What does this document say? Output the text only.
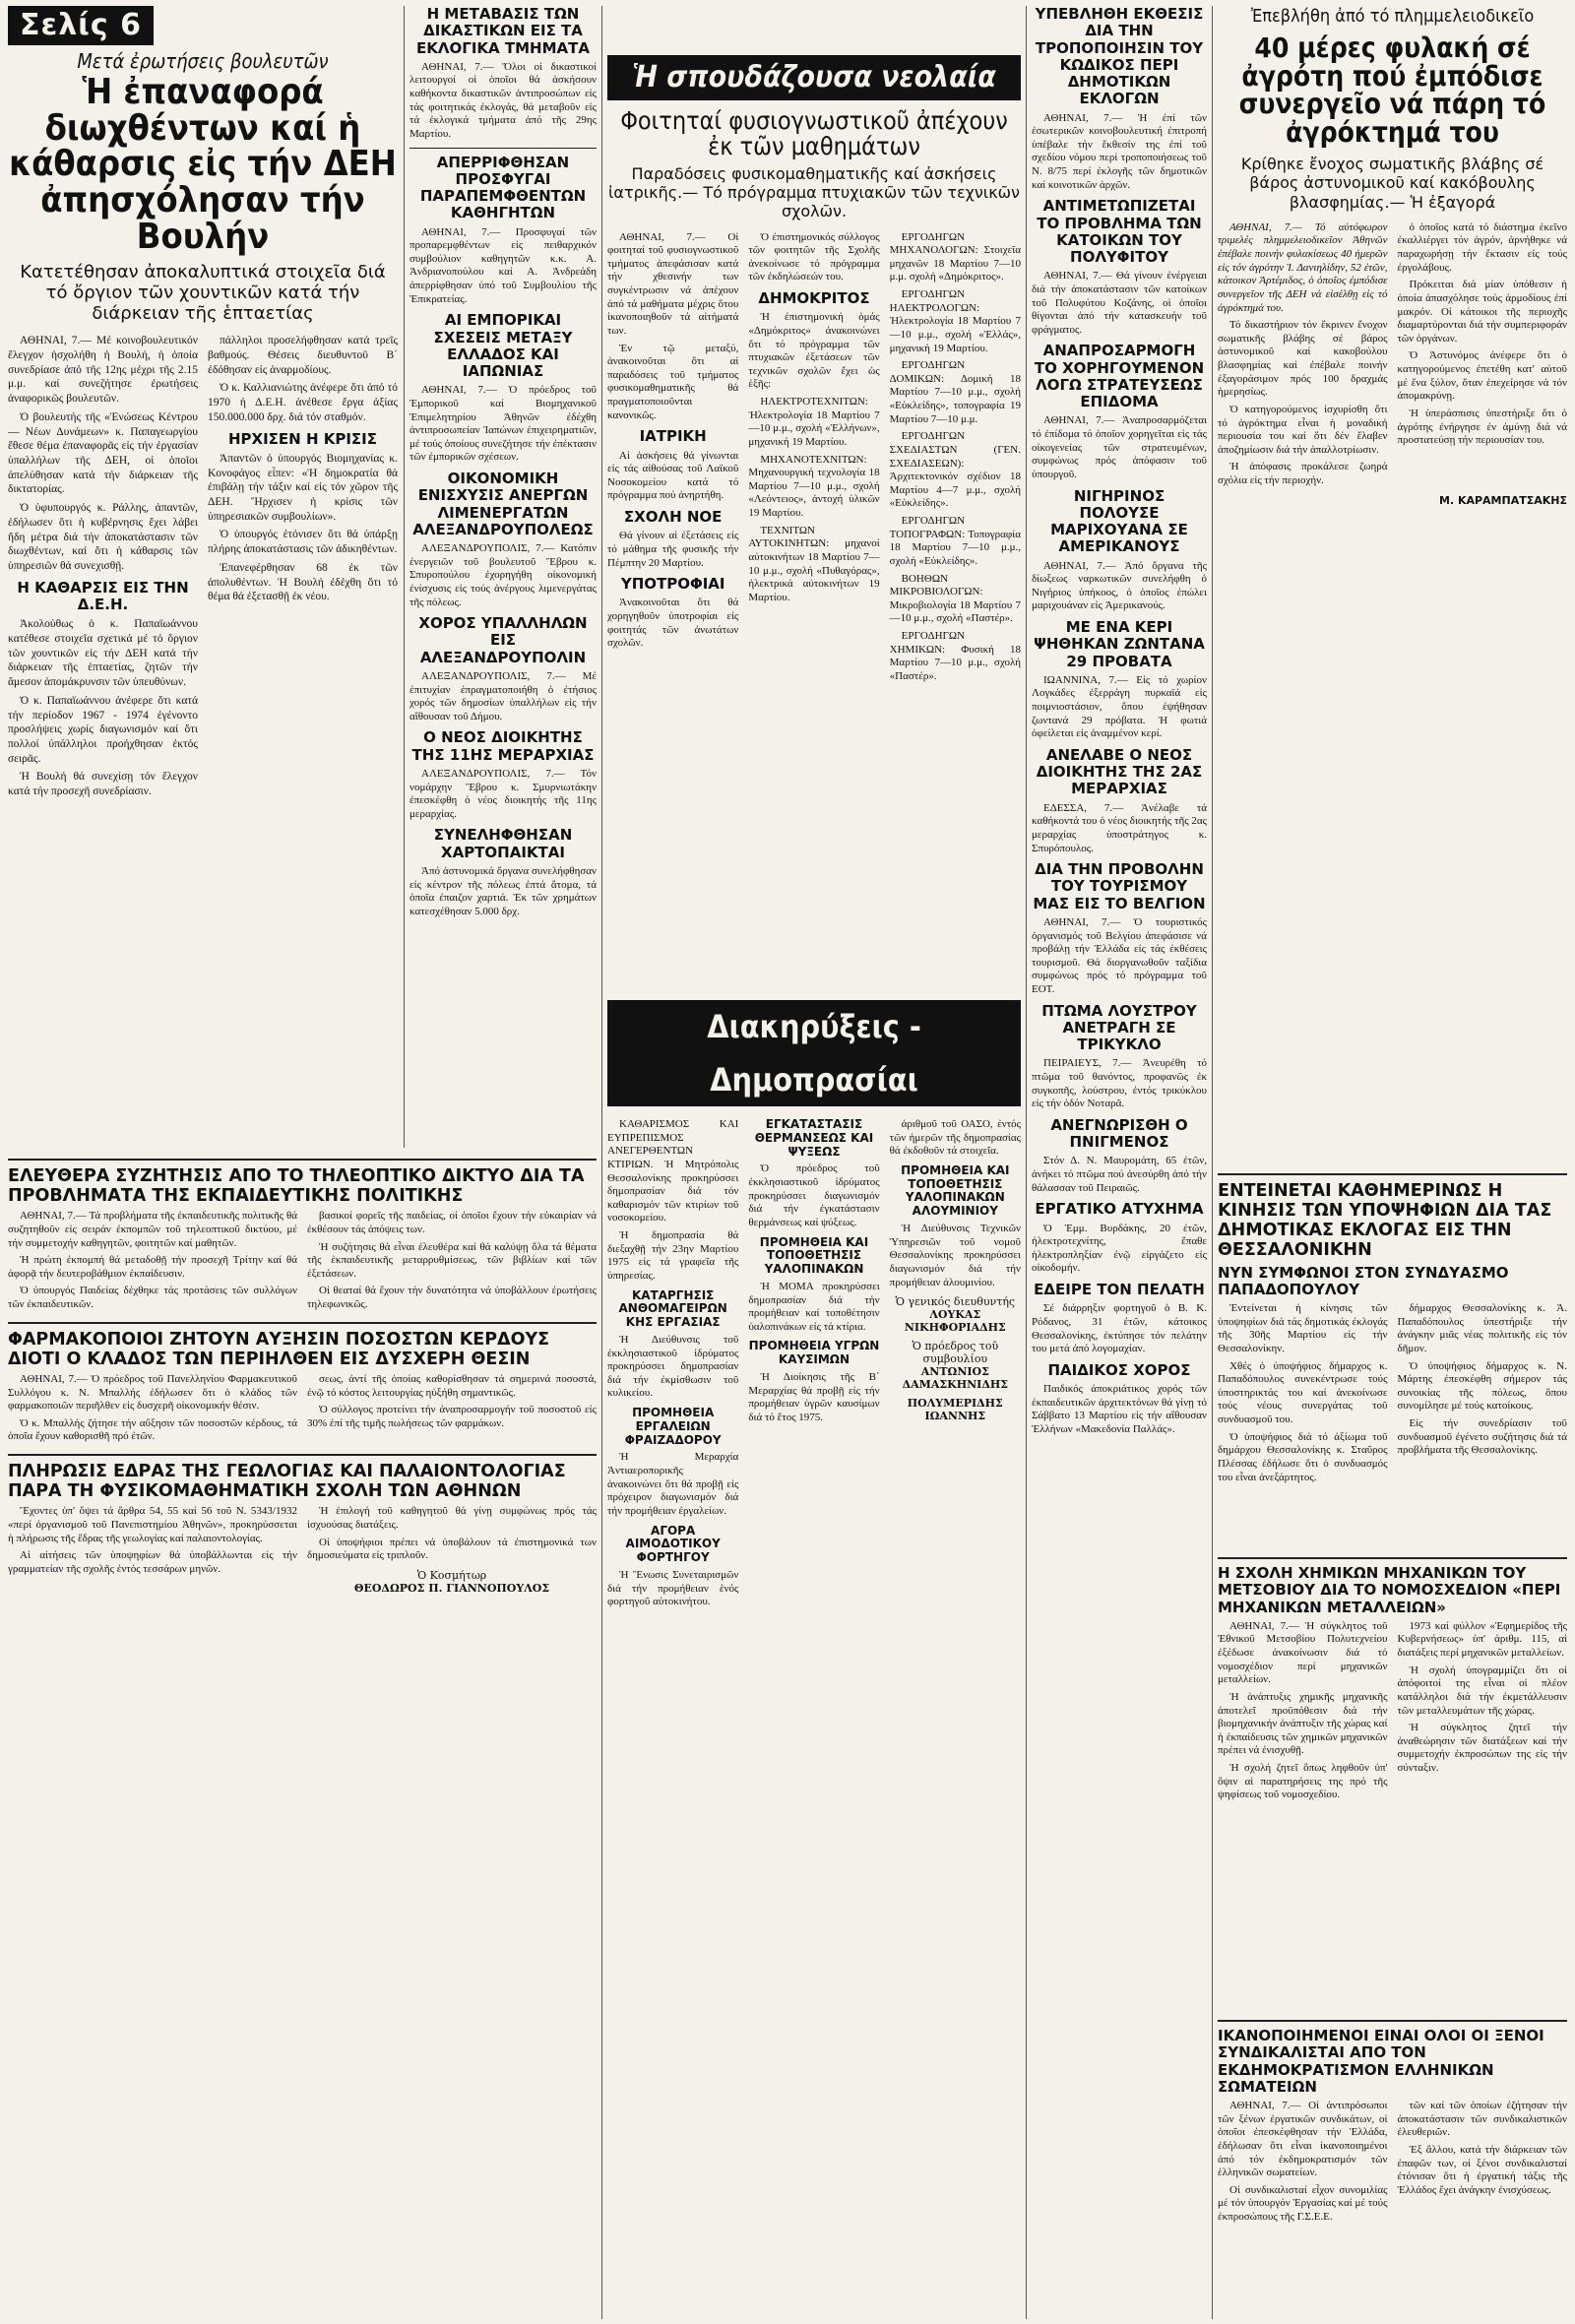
Σελίς 6
Μετά ἐρωτήσεις βουλευτῶν
Ἡ ἐπαναφορά διωχθέντων καί ἡ κάθαρσις εἰς τήν ΔΕΗ ἀπησχόλησαν τήν Βουλήν
Κατετέθησαν ἀποκαλυπτικά στοιχεῖα διά τό ὄργιον τῶν χουντικῶν κατά τήν διάρκειαν τῆς ἑπταετίας

ΑΘΗΝΑΙ, 7.— Μέ κοινοβουλευτικόν ἔλεγχον ἠσχολήθη ἡ Βουλή, ἡ ὁποία συνεδρίασε ἀπό τῆς 12ης μέχρι τῆς 2.15 μ.μ. καί συνεζήτησε ἐρωτήσεις ἀναφορικῶς βουλευτῶν.

Ὁ βουλευτής τῆς «Ἑνώσεως Κέντρου — Νέων Δυνάμεων» κ. Παπαγεωργίου ἔθεσε θέμα ἐπαναφορᾶς εἰς τήν ἐργασίαν ὑπαλλήλων τῆς ΔΕΗ, οἱ ὁποῖοι ἀπελύθησαν κατά τήν διάρκειαν τῆς δικτατορίας.

Ὁ ὑφυπουργός κ. Ράλλης, ἀπαντῶν, ἐδήλωσεν ὅτι ἡ κυβέρνησις ἔχει λάβει ἤδη μέτρα διά τήν ἀποκατάστασιν τῶν διωχθέντων, καί ὅτι ἡ κάθαρσις τῶν ὑπηρεσιῶν θά συνεχισθῇ.

Η ΚΑΘΑΡΣΙΣ ΕΙΣ ΤΗΝ Δ.Ε.Η.

Ἀκολούθως ὁ κ. Παπαϊωάννου κατέθεσε στοιχεῖα σχετικά μέ τό ὄργιον τῶν χουντικῶν εἰς τήν ΔΕΗ κατά τήν διάρκειαν τῆς ἑπταετίας, ζητῶν τήν ἄμεσον ἀπομάκρυνσιν τῶν ὑπευθύνων.

Ὁ κ. Παπαϊωάννου ἀνέφερε ὅτι κατά τήν περίοδον 1967 - 1974 ἐγένοντο προσλήψεις χωρίς διαγωνισμόν καί ὅτι πολλοί ὑπάλληλοι προήχθησαν ἐκτός σειρᾶς.

Ἡ Βουλή θά συνεχίσῃ τόν ἔλεγχον κατά τήν προσεχῆ συνεδρίασιν.

πάλληλοι προσελήφθησαν κατά τρεῖς βαθμούς. Θέσεις διευθυντοῦ Β΄ ἐδόθησαν εἰς ἀναρμοδίους.

Ὁ κ. Καλλιανιώτης ἀνέφερε ὅτι ἀπό τό 1970 ἡ Δ.Ε.Η. ἀνέθεσε ἔργα ἀξίας 150.000.000 δρχ. διά τόν σταθμόν.

ΗΡΧΙΣΕΝ Η ΚΡΙΣΙΣ

Ἀπαντῶν ὁ ὑπουργός Βιομηχανίας κ. Κονοφάγος εἶπεν: «Ἡ δημοκρατία θά ἐπιβάλῃ τήν τάξιν καί εἰς τόν χῶρον τῆς ΔΕΗ. Ἤρχισεν ἡ κρίσις τῶν ὑπηρεσιακῶν συμβουλίων».

Ὁ ὑπουργός ἐτόνισεν ὅτι θά ὑπάρξῃ πλήρης ἀποκατάστασις τῶν ἀδικηθέντων.

Ἐπανεφέρθησαν 68 ἐκ τῶν ἀπολυθέντων. Ἡ Βουλή ἐδέχθη ὅτι τό θέμα θά ἐξετασθῇ ἐκ νέου.

Η ΜΕΤΑΒΑΣΙΣ ΤΩΝ ΔΙΚΑΣΤΙΚΩΝ ΕΙΣ ΤΑ ΕΚΛΟΓΙΚΑ ΤΜΗΜΑΤΑ

ΑΘΗΝΑΙ, 7.— Ὅλοι οἱ δικαστικοί λειτουργοί οἱ ὁποῖοι θά ἀσκήσουν καθήκοντα δικαστικῶν ἀντιπροσώπων εἰς τάς φοιτητικάς ἐκλογάς, θά μεταβοῦν εἰς τά ἐκλογικά τμήματα ἀπό τῆς 29ης Μαρτίου.

ΑΠΕΡΡΙΦΘΗΣΑΝ ΠΡΟΣΦΥΓΑΙ ΠΑΡΑΠΕΜΦΘΕΝΤΩΝ ΚΑΘΗΓΗΤΩΝ

ΑΘΗΝΑΙ, 7.— Προσφυγαί τῶν προπαρεμφθέντων εἰς πειθαρχικόν συμβούλιον καθηγητῶν κ.κ. Α. Ἀνδριανοπούλου καί Α. Ἀνδρεάδη ἀπερρίφθησαν ὑπό τοῦ Συμβουλίου τῆς Ἐπικρατείας.

ΑΙ ΕΜΠΟΡΙΚΑΙ ΣΧΕΣΕΙΣ ΜΕΤΑΞΥ ΕΛΛΑΔΟΣ ΚΑΙ ΙΑΠΩΝΙΑΣ

ΑΘΗΝΑΙ, 7.— Ὁ πρόεδρος τοῦ Ἐμπορικοῦ καί Βιομηχανικοῦ Ἐπιμελητηρίου Ἀθηνῶν ἐδέχθη ἀντιπροσωπείαν Ἰαπώνων ἐπιχειρηματιῶν, μέ τούς ὁποίους συνεζήτησε τήν ἐπέκτασιν τῶν ἐμπορικῶν σχέσεων.

ΟΙΚΟΝΟΜΙΚΗ ΕΝΙΣΧΥΣΙΣ ΑΝΕΡΓΩΝ ΛΙΜΕΝΕΡΓΑΤΩΝ ΑΛΕΞΑΝΔΡΟΥΠΟΛΕΩΣ

ΑΛΕΞΑΝΔΡΟΥΠΟΛΙΣ, 7.— Κατόπιν ἐνεργειῶν τοῦ βουλευτοῦ Ἕβρου κ. Σπυροπούλου ἐχορηγήθη οἰκονομική ἐνίσχυσις εἰς τούς ἀνέργους λιμενεργάτας τῆς πόλεως.

ΧΟΡΟΣ ΥΠΑΛΛΗΛΩΝ ΕΙΣ ΑΛΕΞΑΝΔΡΟΥΠΟΛΙΝ

ΑΛΕΞΑΝΔΡΟΥΠΟΛΙΣ, 7.— Μέ ἐπιτυχίαν ἐπραγματοποιήθη ὁ ἐτήσιος χορός τῶν δημοσίων ὑπαλλήλων εἰς τήν αἴθουσαν τοῦ Δήμου.

Ο ΝΕΟΣ ΔΙΟΙΚΗΤΗΣ ΤΗΣ 11ΗΣ ΜΕΡΑΡΧΙΑΣ

ΑΛΕΞΑΝΔΡΟΥΠΟΛΙΣ, 7.— Τόν νομάρχην Ἕβρου κ. Σμυρνιωτάκην ἐπεσκέφθη ὁ νέος διοικητής τῆς 11ης μεραρχίας.

ΣΥΝΕΛΗΦΘΗΣΑΝ ΧΑΡΤΟΠΑΙΚΤΑΙ

Ἀπό ἀστυνομικά ὄργανα συνελήφθησαν εἰς κέντρον τῆς πόλεως ἐπτά ἄτομα, τά ὁποῖα ἐπαιζον χαρτιά. Ἐκ τῶν χρημάτων κατεσχέθησαν 5.000 δρχ.

Ἡ σπουδάζουσα νεολαία
Φοιτηταί φυσιογνωστικοῦ ἀπέχουν ἐκ τῶν μαθημάτων
Παραδόσεις φυσικομαθηματικῆς καί ἀσκήσεις ἰατρικῆς.— Τό πρόγραμμα πτυχιακῶν τῶν τεχνικῶν σχολῶν.

ΑΘΗΝΑΙ, 7.— Οἱ φοιτηταί τοῦ φυσιογνωστικοῦ τμήματος ἀπεφάσισαν κατά τήν χθεσινήν των συγκέντρωσιν νά ἀπέχουν ἀπό τά μαθήματα μέχρις ὅτου ἱκανοποιηθοῦν τά αἰτήματά των.

Ἐν τῷ μεταξύ, ἀνακοινοῦται ὅτι αἱ παραδόσεις τοῦ τμήματος φυσικομαθηματικῆς θά πραγματοποιοῦνται κανονικῶς.

ΙΑΤΡΙΚΗ

Αἱ ἀσκήσεις θά γίνωνται εἰς τάς αἰθούσας τοῦ Λαϊκοῦ Νοσοκομείου κατά τό πρόγραμμα πού ἀνηρτήθη.

ΣΧΟΛΗ ΝΟΕ

Θά γίνουν αἱ ἐξετάσεις εἰς τό μάθημα τῆς φυσικῆς τήν Πέμπτην 20 Μαρτίου.

ΥΠΟΤΡΟΦΙΑΙ

Ἀνακοινοῦται ὅτι θά χορηγηθοῦν ὑποτροφίαι εἰς φοιτητάς τῶν ἀνωτάτων σχολῶν.

Ὁ ἐπιστημονικός σύλλογος τῶν φοιτητῶν τῆς Σχολῆς ἀνεκοίνωσε τό πρόγραμμα τῶν ἐκδηλώσεών του.

ΔΗΜΟΚΡΙΤΟΣ

Ἡ ἐπιστημονική ὁμάς «Δημόκριτος» ἀνακοινώνει ὅτι τό πρόγραμμα τῶν πτυχιακῶν ἐξετάσεων τῶν τεχνικῶν σχολῶν ἔχει ὡς ἑξῆς:

ΗΛΕΚΤΡΟΤΕΧΝΙΤΩΝ: Ἠλεκτρολογία 18 Μαρτίου 7—10 μ.μ., σχολή «Ἐλλήνων», μηχανική 19 Μαρτίου.

ΜΗΧΑΝΟΤΕΧΝΙΤΩΝ: Μηχανουργική τεχνολογία 18 Μαρτίου 7—10 μ.μ., σχολή «Λεόντειος», ἀντοχή ὑλικῶν 19 Μαρτίου.

ΤΕΧΝΙΤΩΝ ΑΥΤΟΚΙΝΗΤΩΝ: μηχανοί αὐτοκινήτων 18 Μαρτίου 7—10 μ.μ., σχολή «Πυθαγόρας», ἠλεκτρικά αὐτοκινήτων 19 Μαρτίου.

ΕΡΓΟΔΗΓΩΝ ΜΗΧΑΝΟΛΟΓΩΝ: Στοιχεῖα μηχανῶν 18 Μαρτίου 7—10 μ.μ. σχολή «Δημόκριτος».

ΕΡΓΟΔΗΓΩΝ ΗΛΕΚΤΡΟΛΟΓΩΝ: Ἠλεκτρολογία 18 Μαρτίου 7—10 μ.μ., σχολή «Ἑλλάς», μηχανική 19 Μαρτίου.

ΕΡΓΟΔΗΓΩΝ ΔΟΜΙΚΩΝ: Δομική 18 Μαρτίου 7—10 μ.μ., σχολή «Εὐκλείδης», τοπογραφία 19 Μαρτίου 7—10 μ.μ.

ΕΡΓΟΔΗΓΩΝ ΣΧΕΔΙΑΣΤΩΝ (ΓΕΝ. ΣΧΕΔΙΑΣΕΩΝ): Ἀρχιτεκτονικόν σχέδιον 18 Μαρτίου 4—7 μ.μ., σχολή «Εὐκλείδης».

ΕΡΓΟΔΗΓΩΝ ΤΟΠΟΓΡΑΦΩΝ: Τοπογραφία 18 Μαρτίου 7—10 μ.μ., σχολή «Εὐκλείδης».

ΒΟΗΘΩΝ ΜΙΚΡΟΒΙΟΛΟΓΩΝ: Μικροβιολογία 18 Μαρτίου 7—10 μ.μ., σχολή «Παστέρ».

ΕΡΓΟΔΗΓΩΝ ΧΗΜΙΚΩΝ: Φυσική 18 Μαρτίου 7—10 μ.μ., σχολή «Παστέρ».

ΥΠΕΒΛΗΘΗ ΕΚΘΕΣΙΣ ΔΙΑ ΤΗΝ ΤΡΟΠΟΠΟΙΗΣΙΝ ΤΟΥ ΚΩΔΙΚΟΣ ΠΕΡΙ ΔΗΜΟΤΙΚΩΝ ΕΚΛΟΓΩΝ

ΑΘΗΝΑΙ, 7.— Ἡ ἐπί τῶν ἐσωτερικῶν κοινοβουλευτική ἐπιτροπή ὑπέβαλε τήν ἔκθεσίν της ἐπί τοῦ σχεδίου νόμου περί τροποποιήσεως τοῦ Ν. 8/75 περί ἐκλογῆς τῶν δημοτικῶν καί κοινοτικῶν ἀρχῶν.

ΑΝΤΙΜΕΤΩΠΙΖΕΤΑΙ ΤΟ ΠΡΟΒΛΗΜΑ ΤΩΝ ΚΑΤΟΙΚΩΝ ΤΟΥ ΠΟΛΥΦΙΤΟΥ

ΑΘΗΝΑΙ, 7.— Θά γίνουν ἐνέργειαι διά τήν ἀποκατάστασιν τῶν κατοίκων τοῦ Πολυφύτου Κοζάνης, οἱ ὁποῖοι θίγονται ἀπό τήν κατασκευήν τοῦ φράγματος.

ΑΝΑΠΡΟΣΑΡΜΟΓΗ ΤΟ ΧΟΡΗΓΟΥΜΕΝΟΝ ΛΟΓΩ ΣΤΡΑΤΕΥΣΕΩΣ ΕΠΙΔΟΜΑ

ΑΘΗΝΑΙ, 7.— Ἀναπροσαρμόζεται τό ἐπίδομα τό ὁποῖον χορηγεῖται εἰς τάς οἰκογενείας τῶν στρατευμένων, συμφώνως πρός ἀπόφασιν τοῦ ὑπουργοῦ.

ΝΙΓΗΡΙΝΟΣ ΠΟΛΟΥΣΕ ΜΑΡΙΧΟΥΑΝΑ ΣΕ ΑΜΕΡΙΚΑΝΟΥΣ

ΑΘΗΝΑΙ, 7.— Ἀπό ὄργανα τῆς δίωξεως ναρκωτικῶν συνελήφθη ὁ Νιγήριος ὑπήκοος, ὁ ὁποῖος ἐπώλει μαριχουάναν εἰς Ἀμερικανούς.

ΜΕ ΕΝΑ ΚΕΡΙ ΨΗΘΗΚΑΝ ΖΩΝΤΑΝΑ 29 ΠΡΟΒΑΤΑ

ΙΩΑΝΝΙΝΑ, 7.— Εἰς τό χωρίον Λογκάδες ἐξερράγη πυρκαϊά εἰς ποιμνιοστάσιον, ὅπου ἐψήθησαν ζωντανά 29 πρόβατα. Ἡ φωτιά ὀφείλεται εἰς ἀναμμένον κερί.

ΑΝΕΛΑΒΕ Ο ΝΕΟΣ ΔΙΟΙΚΗΤΗΣ ΤΗΣ 2ΑΣ ΜΕΡΑΡΧΙΑΣ

ΕΔΕΣΣΑ, 7.— Ἀνέλαβε τά καθήκοντά του ὁ νέος διοικητής τῆς 2ας μεραρχίας ὑποστράτηγος κ. Σπυρόπουλος.

ΔΙΑ ΤΗΝ ΠΡΟΒΟΛΗΝ ΤΟΥ ΤΟΥΡΙΣΜΟΥ ΜΑΣ ΕΙΣ ΤΟ ΒΕΛΓΙΟΝ

ΑΘΗΝΑΙ, 7.— Ὁ τουριστικός ὀργανισμός τοῦ Βελγίου ἀπεφάσισε νά προβάλῃ τήν Ἑλλάδα εἰς τάς ἐκθέσεις τουρισμοῦ. Θά διοργανωθοῦν ταξίδια συμφώνως πρός τό πρόγραμμα τοῦ ΕΟΤ.

ΠΤΩΜΑ ΛΟΥΣΤΡΟΥ ΑΝΕΤΡΑΓΗ ΣΕ ΤΡΙΚΥΚΛΟ

ΠΕΙΡΑΙΕΥΣ, 7.— Ἀνευρέθη τό πτῶμα τοῦ θανόντος, προφανῶς ἐκ συγκοπῆς, λούστρου, ἐντός τρικύκλου εἰς τήν ὁδόν Νοταρᾶ.

ΑΝΕΓΝΩΡΙΣΘΗ Ο ΠΝΙΓΜΕΝΟΣ

Στόν Δ. Ν. Μαυρομάτη, 65 ἐτῶν, ἀνήκει τό πτῶμα πού ἀνεσύρθη ἀπό τήν θάλασσαν τοῦ Πειραιῶς.

ΕΡΓΑΤΙΚΟ ΑΤΥΧΗΜΑ

Ὁ Ἐμμ. Βυρδάκης, 20 ἐτῶν, ἠλεκτροτεχνίτης, ἔπαθε ἠλεκτροπληξίαν ἐνῷ εἰργάζετο εἰς οἰκοδομήν.

ΕΔΕΙΡΕ ΤΟΝ ΠΕΛΑΤΗ

Σέ διάρρηξιν φορτηγοῦ ὁ Β. Κ. Ρόδανος, 31 ἐτῶν, κάτοικος Θεσσαλονίκης, ἐκτύπησε τόν πελάτην του μετά ἀπό λογομαχίαν.

ΠΑΙΔΙΚΟΣ ΧΟΡΟΣ

Παιδικός ἀποκριάτικος χορός τῶν ἐκπαιδευτικῶν ἀρχιτεκτόνων θά γίνῃ τό Σάββατο 13 Μαρτίου εἰς τήν αἴθουσαν Ἐλλήνων «Μακεδονία Παλλάς».

Ἐπεβλήθη ἀπό τό πλημμελειοδικεῖο
40 μέρες φυλακή σέ ἀγρότη πού ἐμπόδισε συνεργεῖο νά πάρη τό ἀγρόκτημά του
Κρίθηκε ἔνοχος σωματικῆς βλάβης σέ βάρος ἀστυνομικοῦ καί κακόβουλης βλασφημίας.— Ἡ ἐξαγορά

ΑΘΗΝΑΙ, 7.— Τό αὐτόφωρον τριμελές πλημμελειοδικεῖον Ἀθηνῶν ἐπέβαλε ποινήν φυλακίσεως 40 ἡμερῶν εἰς τόν ἀγρότην Ἰ. Δανιηλίδην, 52 ἐτῶν, κάτοικον Ἀρτέμιδος, ὁ ὁποῖος ἐμπόδισε συνεργεῖον τῆς ΔΕΗ νά εἰσέλθῃ εἰς τό ἀγρόκτημά του.

Τό δικαστήριον τόν ἔκρινεν ἔνοχον σωματικῆς βλάβης σέ βάρος ἀστυνομικοῦ καί κακοβούλου βλασφημίας καί ἐπέβαλε ποινήν ἐξαγοράσιμον πρός 100 δραχμάς ἡμερησίως.

Ὁ κατηγορούμενος ἰσχυρίσθη ὅτι τό ἀγρόκτημα εἶναι ἡ μοναδική περιουσία του καί ὅτι δέν ἔλαβεν ἀποζημίωσιν διά τήν ἀπαλλοτρίωσιν.

Ἡ ἀπόφασις προκάλεσε ζωηρά σχόλια εἰς τήν περιοχήν.

ὁ ὁποῖος κατά τό διάστημα ἐκεῖνο ἐκαλλιέργει τόν ἀγρόν, ἀρνήθηκε νά παραχωρήσῃ τήν ἔκτασιν εἰς τούς ἐργολάβους.

Πρόκειται διά μίαν ὑπόθεσιν ἡ ὁποία ἀπασχόλησε τούς ἀρμοδίους ἐπί μακρόν. Οἱ κάτοικοι τῆς περιοχῆς διαμαρτύρονται διά τήν συμπεριφοράν τῶν ὀργάνων.

Ὁ Ἀστυνόμος ἀνέφερε ὅτι ὁ κατηγορούμενος ἐπετέθη κατ' αὐτοῦ μέ ἕνα ξύλον, ὅταν ἐπεχείρησε νά τόν ἀπομακρύνῃ.

Ἡ ὑπεράσπισις ὑπεστήριξε ὅτι ὁ ἀγρότης ἐνήργησε ἐν ἀμύνῃ διά νά προστατεύσῃ τήν περιουσίαν του.

Μ. ΚΑΡΑΜΠΑΤΣΑΚΗΣ
ΕΝΤΕΙΝΕΤΑΙ ΚΑΘΗΜΕΡΙΝΩΣ Η ΚΙΝΗΣΙΣ ΤΩΝ ΥΠΟΨΗΦΙΩΝ ΔΙΑ ΤΑΣ ΔΗΜΟΤΙΚΑΣ ΕΚΛΟΓΑΣ ΕΙΣ ΤΗΝ ΘΕΣΣΑΛΟΝΙΚΗΝ
ΝΥΝ ΣΥΜΦΩΝΟΙ ΣΤΟΝ ΣΥΝΔΥΑΣΜΟ ΠΑΠΑΔΟΠΟΥΛΟΥ

Ἐντείνεται ἡ κίνησις τῶν ὑποψηφίων διά τάς δημοτικάς ἐκλογάς τῆς 30ῆς Μαρτίου εἰς τήν Θεσσαλονίκην.

Χθές ὁ ὑποψήφιος δήμαρχος κ. Παπαδόπουλος συνεκέντρωσε τούς ὑποστηρικτάς του καί ἀνεκοίνωσε τούς νέους συνεργάτας τοῦ συνδυασμοῦ του.

Ὁ ὑποψήφιος διά τό ἀξίωμα τοῦ δημάρχου Θεσσαλονίκης κ. Σταῦρος Πλέσσας ἐδήλωσε ὅτι ὁ συνδυασμός του εἶναι ἀνεξάρτητος.

δήμαρχος Θεσσαλονίκης κ. Ἀ. Παπαδόπουλος ὑπεστήριξε τήν ἀνάγκην μιᾶς νέας πολιτικῆς εἰς τόν δῆμον.

Ὁ ὑποψήφιος δήμαρχος κ. Ν. Μάρτης ἐπεσκέφθη σήμερον τάς συνοικίας τῆς πόλεως, ὅπου συνομίλησε μέ τούς κατοίκους.

Εἰς τήν συνεδρίασιν τοῦ συνδυασμοῦ ἐγένετο συζήτησις διά τά προβλήματα τῆς Θεσσαλονίκης.

Η ΣΧΟΛΗ ΧΗΜΙΚΩΝ ΜΗΧΑΝΙΚΩΝ ΤΟΥ ΜΕΤΣΟΒΙΟΥ ΔΙΑ ΤΟ ΝΟΜΟΣΧΕΔΙΟΝ «ΠΕΡΙ ΜΗΧΑΝΙΚΩΝ ΜΕΤΑΛΛΕΙΩΝ»

ΑΘΗΝΑΙ, 7.— Ἡ σύγκλητος τοῦ Ἐθνικοῦ Μετσοβίου Πολυτεχνείου ἐξέδωσε ἀνακοίνωσιν διά τό νομοσχέδιον περί μηχανικῶν μεταλλείων.

Ἡ ἀνάπτυξις χημικῆς μηχανικῆς ἀποτελεῖ προϋπόθεσιν διά τήν βιομηχανικήν ἀνάπτυξιν τῆς χώρας καί ἡ ἐκπαίδευσις τῶν χημικῶν μηχανικῶν πρέπει νά ἐνισχυθῇ.

Ἡ σχολή ζητεῖ ὅπως ληφθοῦν ὑπ' ὄψιν αἱ παρατηρήσεις της πρό τῆς ψηφίσεως τοῦ νομοσχεδίου.

1973 καί φύλλον «Ἐφημερίδος τῆς Κυβερνήσεως» ὑπ' ἀριθμ. 115, αἱ διατάξεις περί μηχανικῶν μεταλλείων.

Ἡ σχολή ὑπογραμμίζει ὅτι οἱ ἀπόφοιτοί της εἶναι οἱ πλέον κατάλληλοι διά τήν ἐκμετάλλευσιν τῶν μεταλλευμάτων τῆς χώρας.

Ἡ σύγκλητος ζητεῖ τήν ἀναθεώρησιν τῶν διατάξεων καί τήν συμμετοχήν ἐκπροσώπων της εἰς τήν σύνταξιν.

ΙΚΑΝΟΠΟΙΗΜΕΝΟΙ ΕΙΝΑΙ ΟΛΟΙ ΟΙ ΞΕΝΟΙ ΣΥΝΔΙΚΑΛΙΣΤΑΙ ΑΠΟ ΤΟΝ ΕΚΔΗΜΟΚΡΑΤΙΣΜΟΝ ΕΛΛΗΝΙΚΩΝ ΣΩΜΑΤΕΙΩΝ

ΑΘΗΝΑΙ, 7.— Οἱ ἀντιπρόσωποι τῶν ξένων ἐργατικῶν συνδικάτων, οἱ ὁποῖοι ἐπεσκέφθησαν τήν Ἑλλάδα, ἐδήλωσαν ὅτι εἶναι ἱκανοποιημένοι ἀπό τόν ἐκδημοκρατισμόν τῶν ἑλληνικῶν σωματείων.

Οἱ συνδικαλισταί εἶχον συνομιλίας μέ τόν ὑπουργόν Ἐργασίας καί μέ τούς ἐκπροσώπους τῆς Γ.Σ.Ε.Ε.

τῶν καί τῶν ὁποίων ἐζήτησαν τήν ἀποκατάστασιν τῶν συνδικαλιστικῶν ἐλευθεριῶν.

Ἐξ ἄλλου, κατά τήν διάρκειαν τῶν ἐπαφῶν των, οἱ ξένοι συνδικαλισταί ἐτόνισαν ὅτι ἡ ἐργατική τάξις τῆς Ἑλλάδος ἔχει ἀνάγκην ἐνισχύσεως.

ΕΛΕΥΘΕΡΑ ΣΥΖΗΤΗΣΙΣ ΑΠΟ ΤΟ ΤΗΛΕΟΠΤΙΚΟ ΔΙΚΤΥΟ ΔΙΑ ΤΑ ΠΡΟΒΛΗΜΑΤΑ ΤΗΣ ΕΚΠΑΙΔΕΥΤΙΚΗΣ ΠΟΛΙΤΙΚΗΣ

ΑΘΗΝΑΙ, 7.— Τά προβλήματα τῆς ἐκπαιδευτικῆς πολιτικῆς θά συζητηθοῦν εἰς σειράν ἐκπομπῶν τοῦ τηλεοπτικοῦ δικτύου, μέ τήν συμμετοχήν καθηγητῶν, φοιτητῶν καί μαθητῶν.

Ἡ πρώτη ἐκπομπή θά μεταδοθῇ τήν προσεχῆ Τρίτην καί θά ἀφορᾷ τήν δευτεροβάθμιον ἐκπαίδευσιν.

Ὁ ὑπουργός Παιδείας δέχθηκε τάς προτάσεις τῶν συλλόγων τῶν ἐκπαιδευτικῶν.

βασικοί φορεῖς τῆς παιδείας, οἱ ὁποῖοι ἔχουν τήν εὐκαιρίαν νά ἐκθέσουν τάς ἀπόψεις των.

Ἡ συζήτησις θά εἶναι ἐλευθέρα καί θά καλύψῃ ὅλα τά θέματα τῆς ἐκπαιδευτικῆς μεταρρυθμίσεως, τῶν βιβλίων καί τῶν ἐξετάσεων.

Οἱ θεαταί θά ἔχουν τήν δυνατότητα νά ὑποβάλλουν ἐρωτήσεις τηλεφωνικῶς.

ΦΑΡΜΑΚΟΠΟΙΟΙ ΖΗΤΟΥΝ ΑΥΞΗΣΙΝ ΠΟΣΟΣΤΩΝ ΚΕΡΔΟΥΣ ΔΙΟΤΙ Ο ΚΛΑΔΟΣ ΤΩΝ ΠΕΡΙΗΛΘΕΝ ΕΙΣ ΔΥΣΧΕΡΗ ΘΕΣΙΝ

ΑΘΗΝΑΙ, 7.— Ὁ πρόεδρος τοῦ Πανελληνίου Φαρμακευτικοῦ Συλλόγου κ. Ν. Μπαλλής ἐδήλωσεν ὅτι ὁ κλάδος τῶν φαρμακοποιῶν περιῆλθεν εἰς δυσχερῆ οἰκονομικήν θέσιν.

Ὁ κ. Μπαλλής ζήτησε τήν αὔξησιν τῶν ποσοστῶν κέρδους, τά ὁποῖα ἔχουν καθορισθῆ πρό ἐτῶν.

σεως, ἀντί τῆς ὁποίας καθορίσθησαν τά σημερινά ποσοστά, ἐνῷ τό κόστος λειτουργίας ηὐξήθη σημαντικῶς.

Ὁ σύλλογος προτείνει τήν ἀναπροσαρμογήν τοῦ ποσοστοῦ εἰς 30% ἐπί τῆς τιμῆς πωλήσεως τῶν φαρμάκων.

ΠΛΗΡΩΣΙΣ ΕΔΡΑΣ ΤΗΣ ΓΕΩΛΟΓΙΑΣ ΚΑΙ ΠΑΛΑΙΟΝΤΟΛΟΓΙΑΣ ΠΑΡΑ ΤΗ ΦΥΣΙΚΟΜΑΘΗΜΑΤΙΚΗ ΣΧΟΛΗ ΤΩΝ ΑΘΗΝΩΝ

Ἔχοντες ὑπ' ὄψει τά ἄρθρα 54, 55 καί 56 τοῦ Ν. 5343/1932 «περί ὀργανισμοῦ τοῦ Πανεπιστημίου Ἀθηνῶν», προκηρύσσεται ἡ πλήρωσις τῆς ἕδρας τῆς γεωλογίας καί παλαιοντολογίας.

Αἱ αἰτήσεις τῶν ὑποψηφίων θά ὑποβάλλωνται εἰς τήν γραμματείαν τῆς σχολῆς ἐντός τεσσάρων μηνῶν.

Ἡ ἐπιλογή τοῦ καθηγητοῦ θά γίνῃ συμφώνως πρός τάς ἰσχυούσας διατάξεις.

Οἱ ὑποψήφιοι πρέπει νά ὑποβάλουν τά ἐπιστημονικά των δημοσιεύματα εἰς τριπλοῦν.

Ὁ Κοσμήτωρ
ΘΕΟΔΩΡΟΣ Π. ΓΙΑΝΝΟΠΟΥΛΟΣ
Διακηρύξεις - Δημοπρασίαι

ΚΑΘΑΡΙΣΜΟΣ ΚΑΙ ΕΥΠΡΕΠΙΣΜΟΣ ΑΝΕΓΕΡΘΕΝΤΩΝ ΚΤΙΡΙΩΝ. Ἡ Μητρόπολις Θεσσαλονίκης προκηρύσσει δημοπρασίαν διά τόν καθαρισμόν τῶν κτιρίων τοῦ νοσοκομείου.

Ἡ δημοπρασία θά διεξαχθῇ τήν 23ην Μαρτίου 1975 εἰς τά γραφεῖα τῆς ὑπηρεσίας.

ΚΑΤΑΡΓΗΣΙΣ ΑΝΘΟΜΑΓΕΙΡΩΝ ΚΗΣ ΕΡΓΑΣΙΑΣ

Ἡ Διεύθυνσις τοῦ ἐκκλησιαστικοῦ ἱδρύματος προκηρύσσει δημοπρασίαν διά τήν ἐκμίσθωσιν τοῦ κυλικείου.

ΠΡΟΜΗΘΕΙΑ ΕΡΓΑΛΕΙΩΝ ΦΡΑΙΖΑΔΟΡΟΥ

Ἡ Μεραρχία Ἀντιαεροπορικῆς ἀνακοινώνει ὅτι θά προβῇ εἰς πρόχειρον διαγωνισμόν διά τήν προμήθειαν ἐργαλείων.

ΑΓΟΡΑ ΑΙΜΟΔΟΤΙΚΟΥ ΦΟΡΤΗΓΟΥ

Ἡ Ἕνωσις Συνεταιρισμῶν διά τήν προμήθειαν ἑνός φορτηγοῦ αὐτοκινήτου.

ΕΓΚΑΤΑΣΤΑΣΙΣ ΘΕΡΜΑΝΣΕΩΣ ΚΑΙ ΨΥΞΕΩΣ

Ὁ πρόεδρος τοῦ ἐκκλησιαστικοῦ ἱδρύματος προκηρύσσει διαγωνισμόν διά τήν ἐγκατάστασιν θερμάνσεως καί ψύξεως.

ΠΡΟΜΗΘΕΙΑ ΚΑΙ ΤΟΠΟΘΕΤΗΣΙΣ ΥΑΛΟΠΙΝΑΚΩΝ

Ἡ ΜΟΜΑ προκηρύσσει δημοπρασίαν διά τήν προμήθειαν καί τοποθέτησιν ὑαλοπινάκων εἰς τά κτίρια.

ΠΡΟΜΗΘΕΙΑ ΥΓΡΩΝ ΚΑΥΣΙΜΩΝ

Ἡ Διοίκησις τῆς Β΄ Μεραρχίας θά προβῇ εἰς τήν προμήθειαν ὑγρῶν καυσίμων διά τό ἔτος 1975.

ἀριθμοῦ τοῦ ΟΑΣΟ, ἐντός τῶν ἡμερῶν τῆς δημοπρασίας θά ἐκδοθοῦν τά στοιχεῖα.

ΠΡΟΜΗΘΕΙΑ ΚΑΙ ΤΟΠΟΘΕΤΗΣΙΣ ΥΑΛΟΠΙΝΑΚΩΝ ΑΛΟΥΜΙΝΙΟΥ

Ἡ Διεύθυνσις Τεχνικῶν Ὑπηρεσιῶν τοῦ νομοῦ Θεσσαλονίκης προκηρύσσει διαγωνισμόν διά τήν προμήθειαν ἀλουμινίου.

Ὁ γενικός διευθυντής
ΛΟΥΚΑΣ ΝΙΚΗΦΟΡΙΑΔΗΣ
Ὁ πρόεδρος τοῦ συμβουλίου
ΑΝΤΩΝΙΟΣ ΔΑΜΑΣΚΗΝΙΔΗΣ
ΠΟΛΥΜΕΡΙΔΗΣ ΙΩΑΝΝΗΣ
